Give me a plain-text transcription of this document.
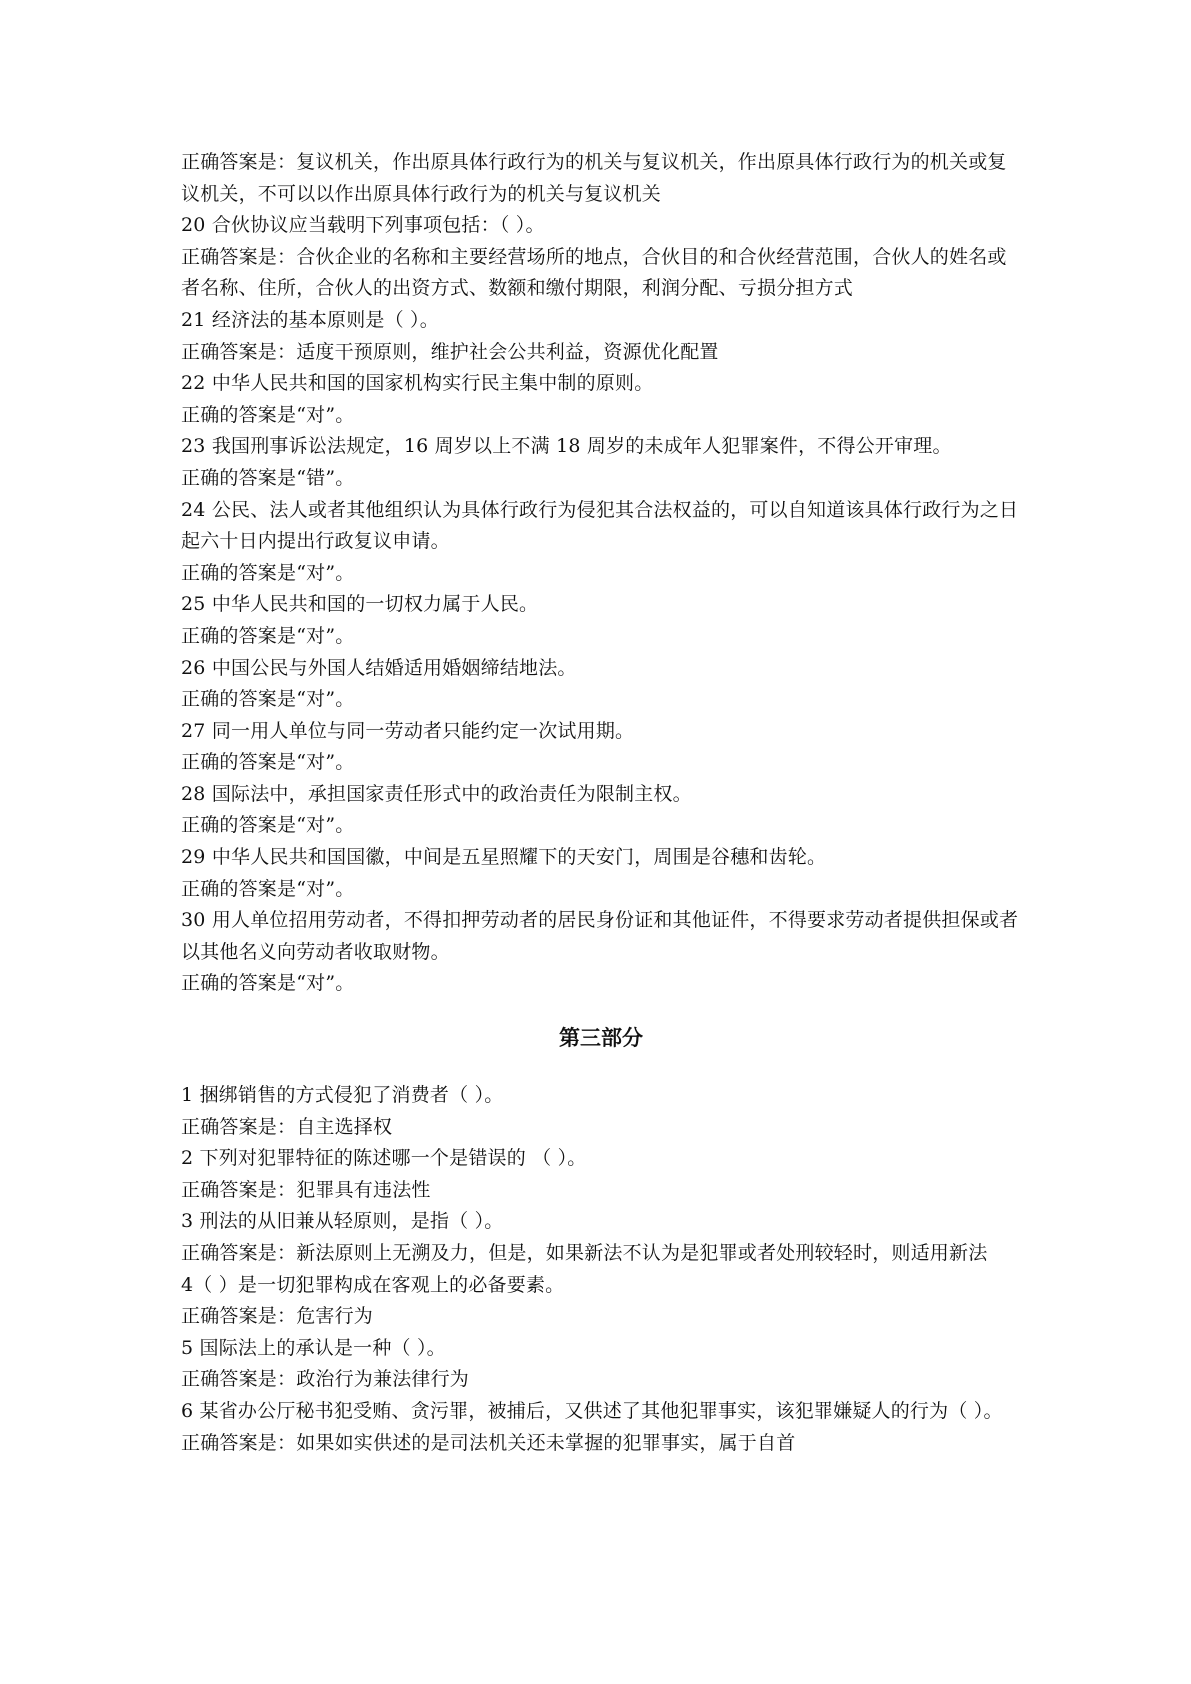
正确答案是：复议机关，作出原具体行政行为的机关与复议机关，作出原具体行政行为的机关或复议机关，不可以以作出原具体行政行为的机关与复议机关

20 合伙协议应当载明下列事项包括：（ ）。

正确答案是：合伙企业的名称和主要经营场所的地点，合伙目的和合伙经营范围，合伙人的姓名或者名称、住所，合伙人的出资方式、数额和缴付期限，利润分配、亏损分担方式

21 经济法的基本原则是（ ）。

正确答案是：适度干预原则，维护社会公共利益，资源优化配置

22 中华人民共和国的国家机构实行民主集中制的原则。

正确的答案是“对”。

23 我国刑事诉讼法规定，16 周岁以上不满 18 周岁的未成年人犯罪案件，不得公开审理。

正确的答案是“错”。

24 公民、法人或者其他组织认为具体行政行为侵犯其合法权益的，可以自知道该具体行政行为之日起六十日内提出行政复议申请。

正确的答案是“对”。

25 中华人民共和国的一切权力属于人民。

正确的答案是“对”。

26 中国公民与外国人结婚适用婚姻缔结地法。

正确的答案是“对”。

27 同一用人单位与同一劳动者只能约定一次试用期。

正确的答案是“对”。

28 国际法中，承担国家责任形式中的政治责任为限制主权。

正确的答案是“对”。

29 中华人民共和国国徽，中间是五星照耀下的天安门，周围是谷穗和齿轮。

正确的答案是“对”。

30 用人单位招用劳动者，不得扣押劳动者的居民身份证和其他证件，不得要求劳动者提供担保或者以其他名义向劳动者收取财物。

正确的答案是“对”。

第三部分

1 捆绑销售的方式侵犯了消费者（ ）。

正确答案是：自主选择权

2 下列对犯罪特征的陈述哪一个是错误的 （ ）。

正确答案是：犯罪具有违法性

3 刑法的从旧兼从轻原则，是指（ ）。

正确答案是：新法原则上无溯及力，但是，如果新法不认为是犯罪或者处刑较轻时，则适用新法

4（ ）是一切犯罪构成在客观上的必备要素。

正确答案是：危害行为

5 国际法上的承认是一种（ ）。

正确答案是：政治行为兼法律行为

6 某省办公厅秘书犯受贿、贪污罪，被捕后，又供述了其他犯罪事实，该犯罪嫌疑人的行为（ ）。

正确答案是：如果如实供述的是司法机关还未掌握的犯罪事实，属于自首
